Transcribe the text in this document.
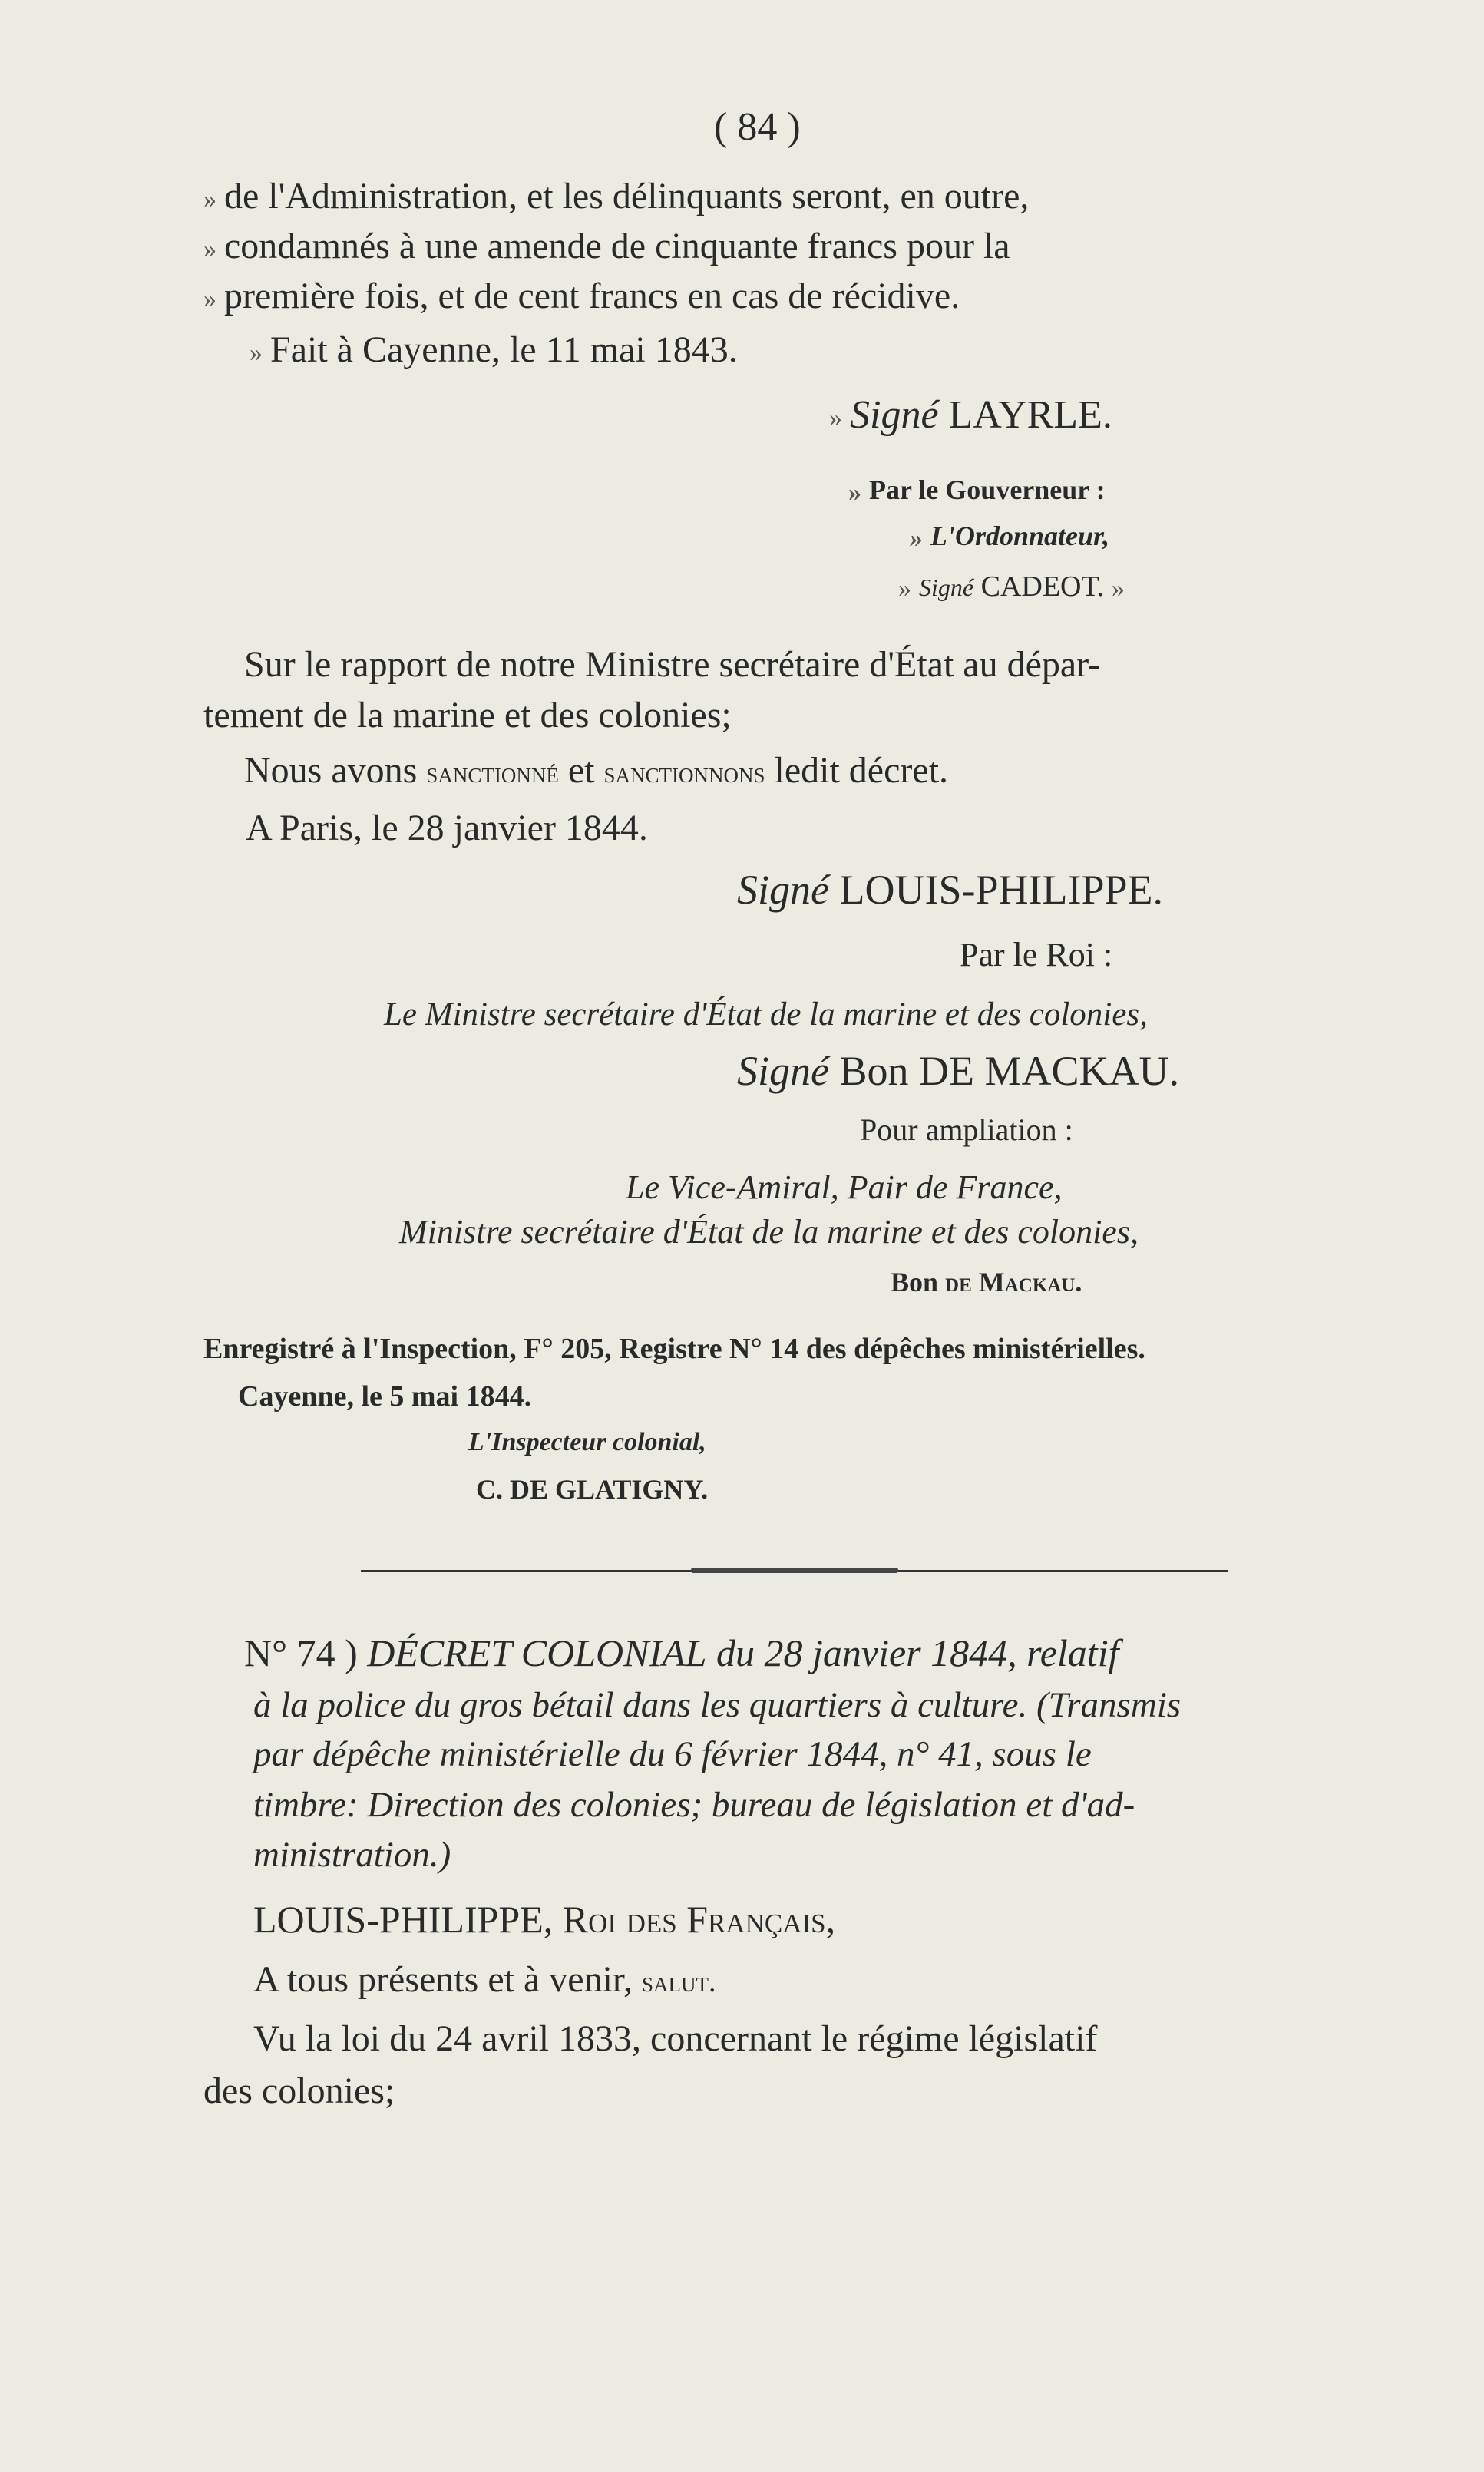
( 84 )
» de l'Administration, et les délinquants seront, en outre,
» condamnés à une amende de cinquante francs pour la
» première fois, et de cent francs en cas de récidive.
» Fait à Cayenne, le 11 mai 1843.
» Signé LAYRLE.
» Par le Gouverneur :
» L'Ordonnateur,
» Signé CADEOT. »
Sur le rapport de notre Ministre secrétaire d'État au dépar-
tement de la marine et des colonies;
Nous avons sanctionné et sanctionnons ledit décret.
A Paris, le 28 janvier 1844.
Signé LOUIS-PHILIPPE.
Par le Roi :
Le Ministre secrétaire d'État de la marine et des colonies,
Signé Bon DE MACKAU.
Pour ampliation :
Le Vice-Amiral, Pair de France,
Ministre secrétaire d'État de la marine et des colonies,
Bon de Mackau.
Enregistré à l'Inspection, F° 205, Registre N° 14 des dépêches ministérielles.
Cayenne, le 5 mai 1844.
L'Inspecteur colonial,
C. DE GLATIGNY.
N° 74 ) DÉCRET COLONIAL du 28 janvier 1844, relatif
à la police du gros bétail dans les quartiers à culture. (Transmis
par dépêche ministérielle du 6 février 1844, n° 41, sous le
timbre: Direction des colonies; bureau de législation et d'ad-
ministration.)
LOUIS-PHILIPPE, Roi des Français,
A tous présents et à venir, salut.
Vu la loi du 24 avril 1833, concernant le régime législatif
des colonies;
